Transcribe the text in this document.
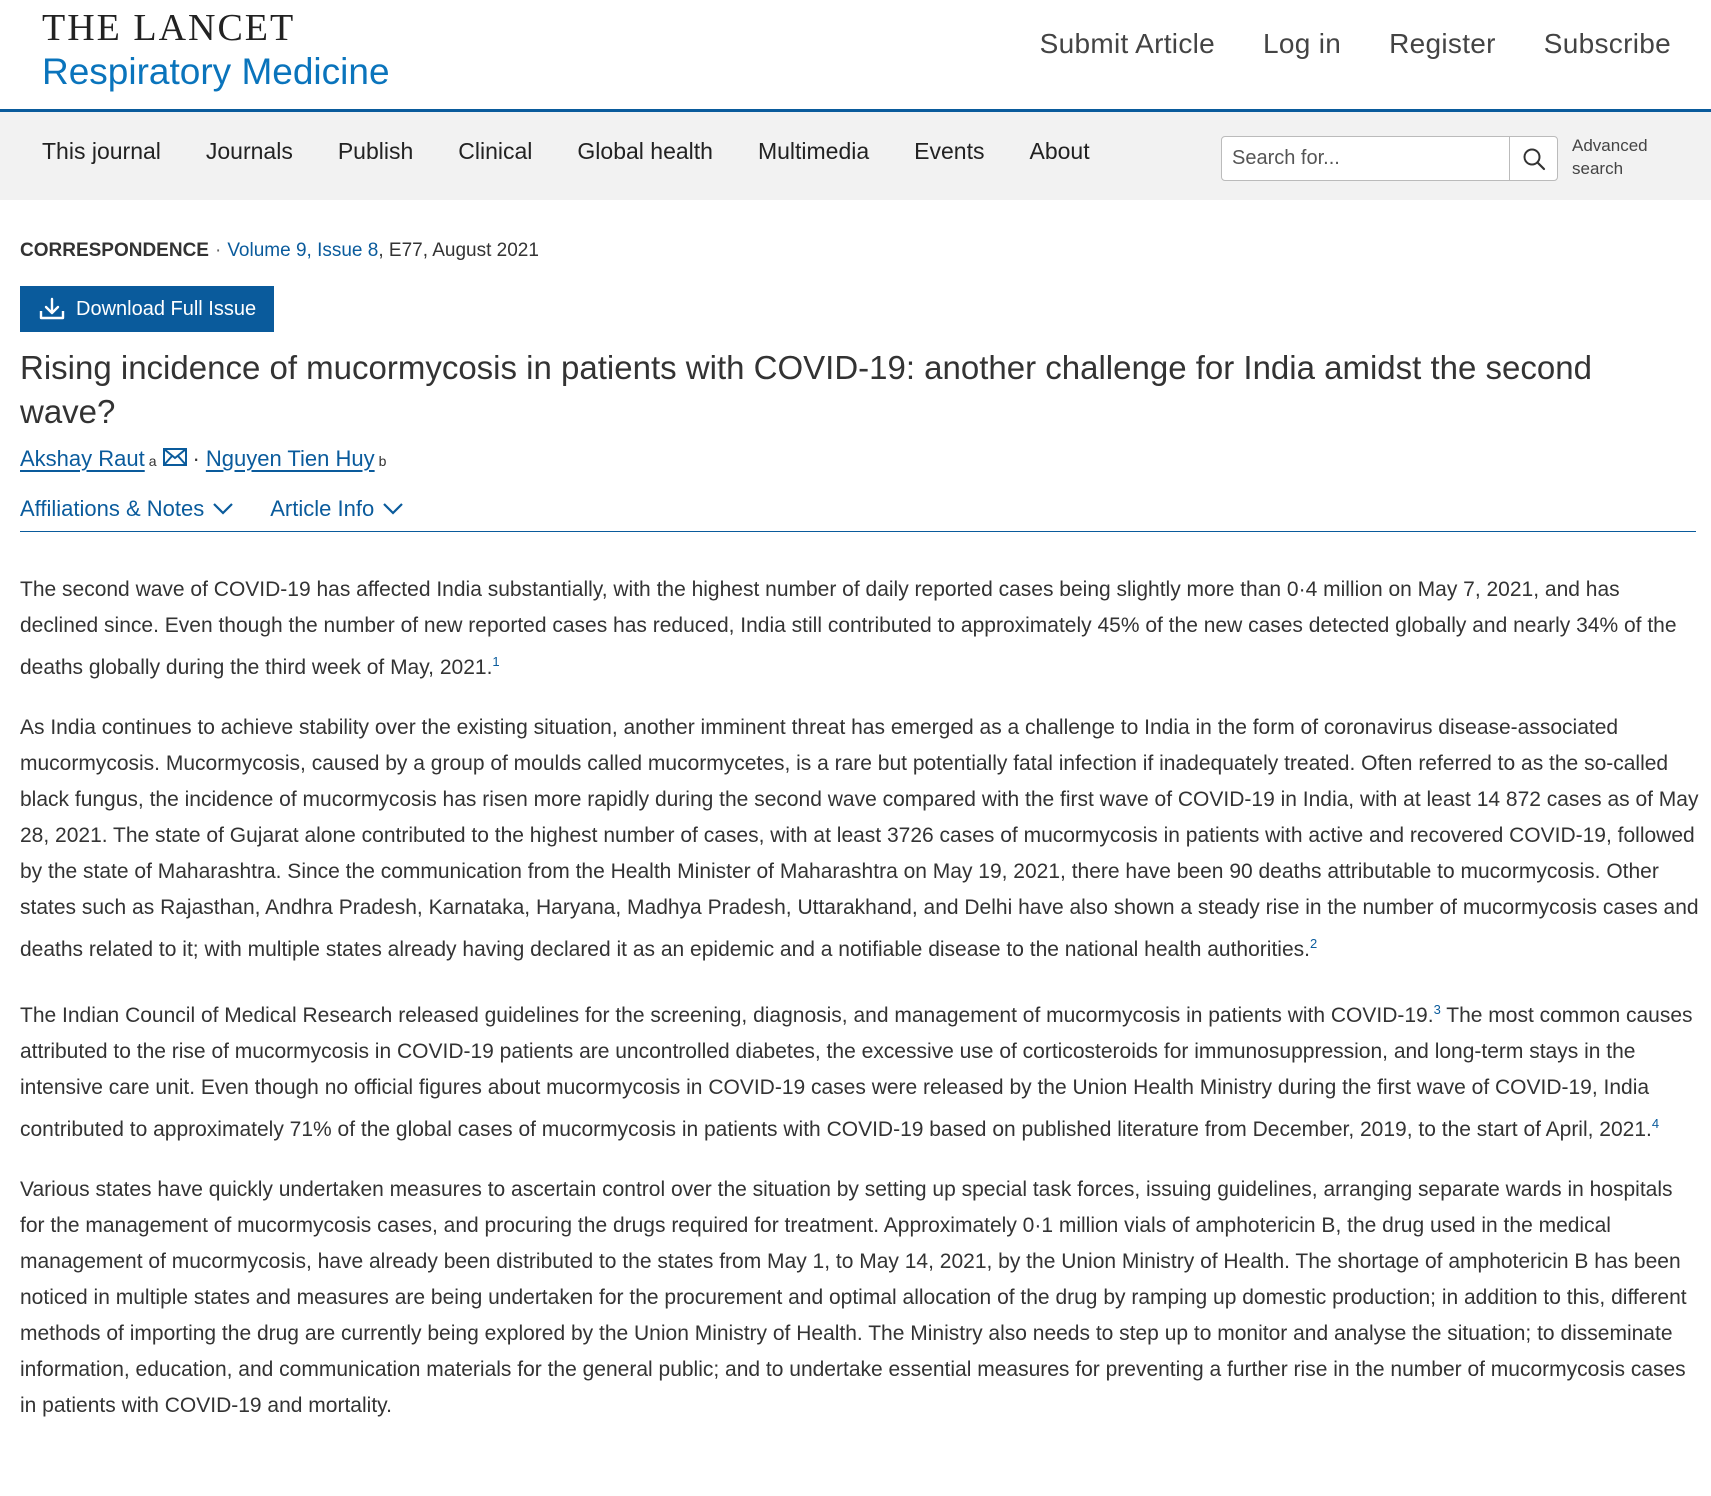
THE LANCET
Respiratory Medicine
Submit Article Log in Register Subscribe
This journal Journals Publish Clinical Global health Multimedia Events About
Search for...	Advanced
search
CORRESPONDENCE · Volume 9, Issue 8, E77, August 2021
Download Full Issue
Rising incidence of mucormycosis in patients with COVID-19: another challenge for India amidst the second wave?
Akshay Raut a · Nguyen Tien Huy b
Affiliations & Notes	Article Info

The second wave of COVID-19 has affected India substantially, with the highest number of daily reported cases being slightly more than 0·4 million on May 7, 2021, and has declined since. Even though the number of new reported cases has reduced, India still contributed to approximately 45% of the new cases detected globally and nearly 34% of the deaths globally during the third week of May, 2021.$^1$

As India continues to achieve stability over the existing situation, another imminent threat has emerged as a challenge to India in the form of coronavirus disease-associated mucormycosis. Mucormycosis, caused by a group of moulds called mucormycetes, is a rare but potentially fatal infection if inadequately treated. Often referred to as the so-called black fungus, the incidence of mucormycosis has risen more rapidly during the second wave compared with the first wave of COVID-19 in India, with at least 14 872 cases as of May 28, 2021. The state of Gujarat alone contributed to the highest number of cases, with at least 3726 cases of mucormycosis in patients with active and recovered COVID-19, followed by the state of Maharashtra. Since the communication from the Health Minister of Maharashtra on May 19, 2021, there have been 90 deaths attributable to mucormycosis. Other states such as Rajasthan, Andhra Pradesh, Karnataka, Haryana, Madhya Pradesh, Uttarakhand, and Delhi have also shown a steady rise in the number of mucormycosis cases and deaths related to it; with multiple states already having declared it as an epidemic and a notifiable disease to the national health authorities.$^2$

The Indian Council of Medical Research released guidelines for the screening, diagnosis, and management of mucormycosis in patients with COVID-19.$^3$ The most common causes attributed to the rise of mucormycosis in COVID-19 patients are uncontrolled diabetes, the excessive use of corticosteroids for immunosuppression, and long-term stays in the intensive care unit. Even though no official figures about mucormycosis in COVID-19 cases were released by the Union Health Ministry during the first wave of COVID-19, India contributed to approximately 71% of the global cases of mucormycosis in patients with COVID-19 based on published literature from December, 2019, to the start of April, 2021.$^4$

Various states have quickly undertaken measures to ascertain control over the situation by setting up special task forces, issuing guidelines, arranging separate wards in hospitals for the management of mucormycosis cases, and procuring the drugs required for treatment. Approximately 0·1 million vials of amphotericin B, the drug used in the medical management of mucormycosis, have already been distributed to the states from May 1, to May 14, 2021, by the Union Ministry of Health. The shortage of amphotericin B has been noticed in multiple states and measures are being undertaken for the procurement and optimal allocation of the drug by ramping up domestic production; in addition to this, different methods of importing the drug are currently being explored by the Union Ministry of Health. The Ministry also needs to step up to monitor and analyse the situation; to disseminate information, education, and communication materials for the general public; and to undertake essential measures for preventing a further rise in the number of mucormycosis cases in patients with COVID-19 and mortality.
